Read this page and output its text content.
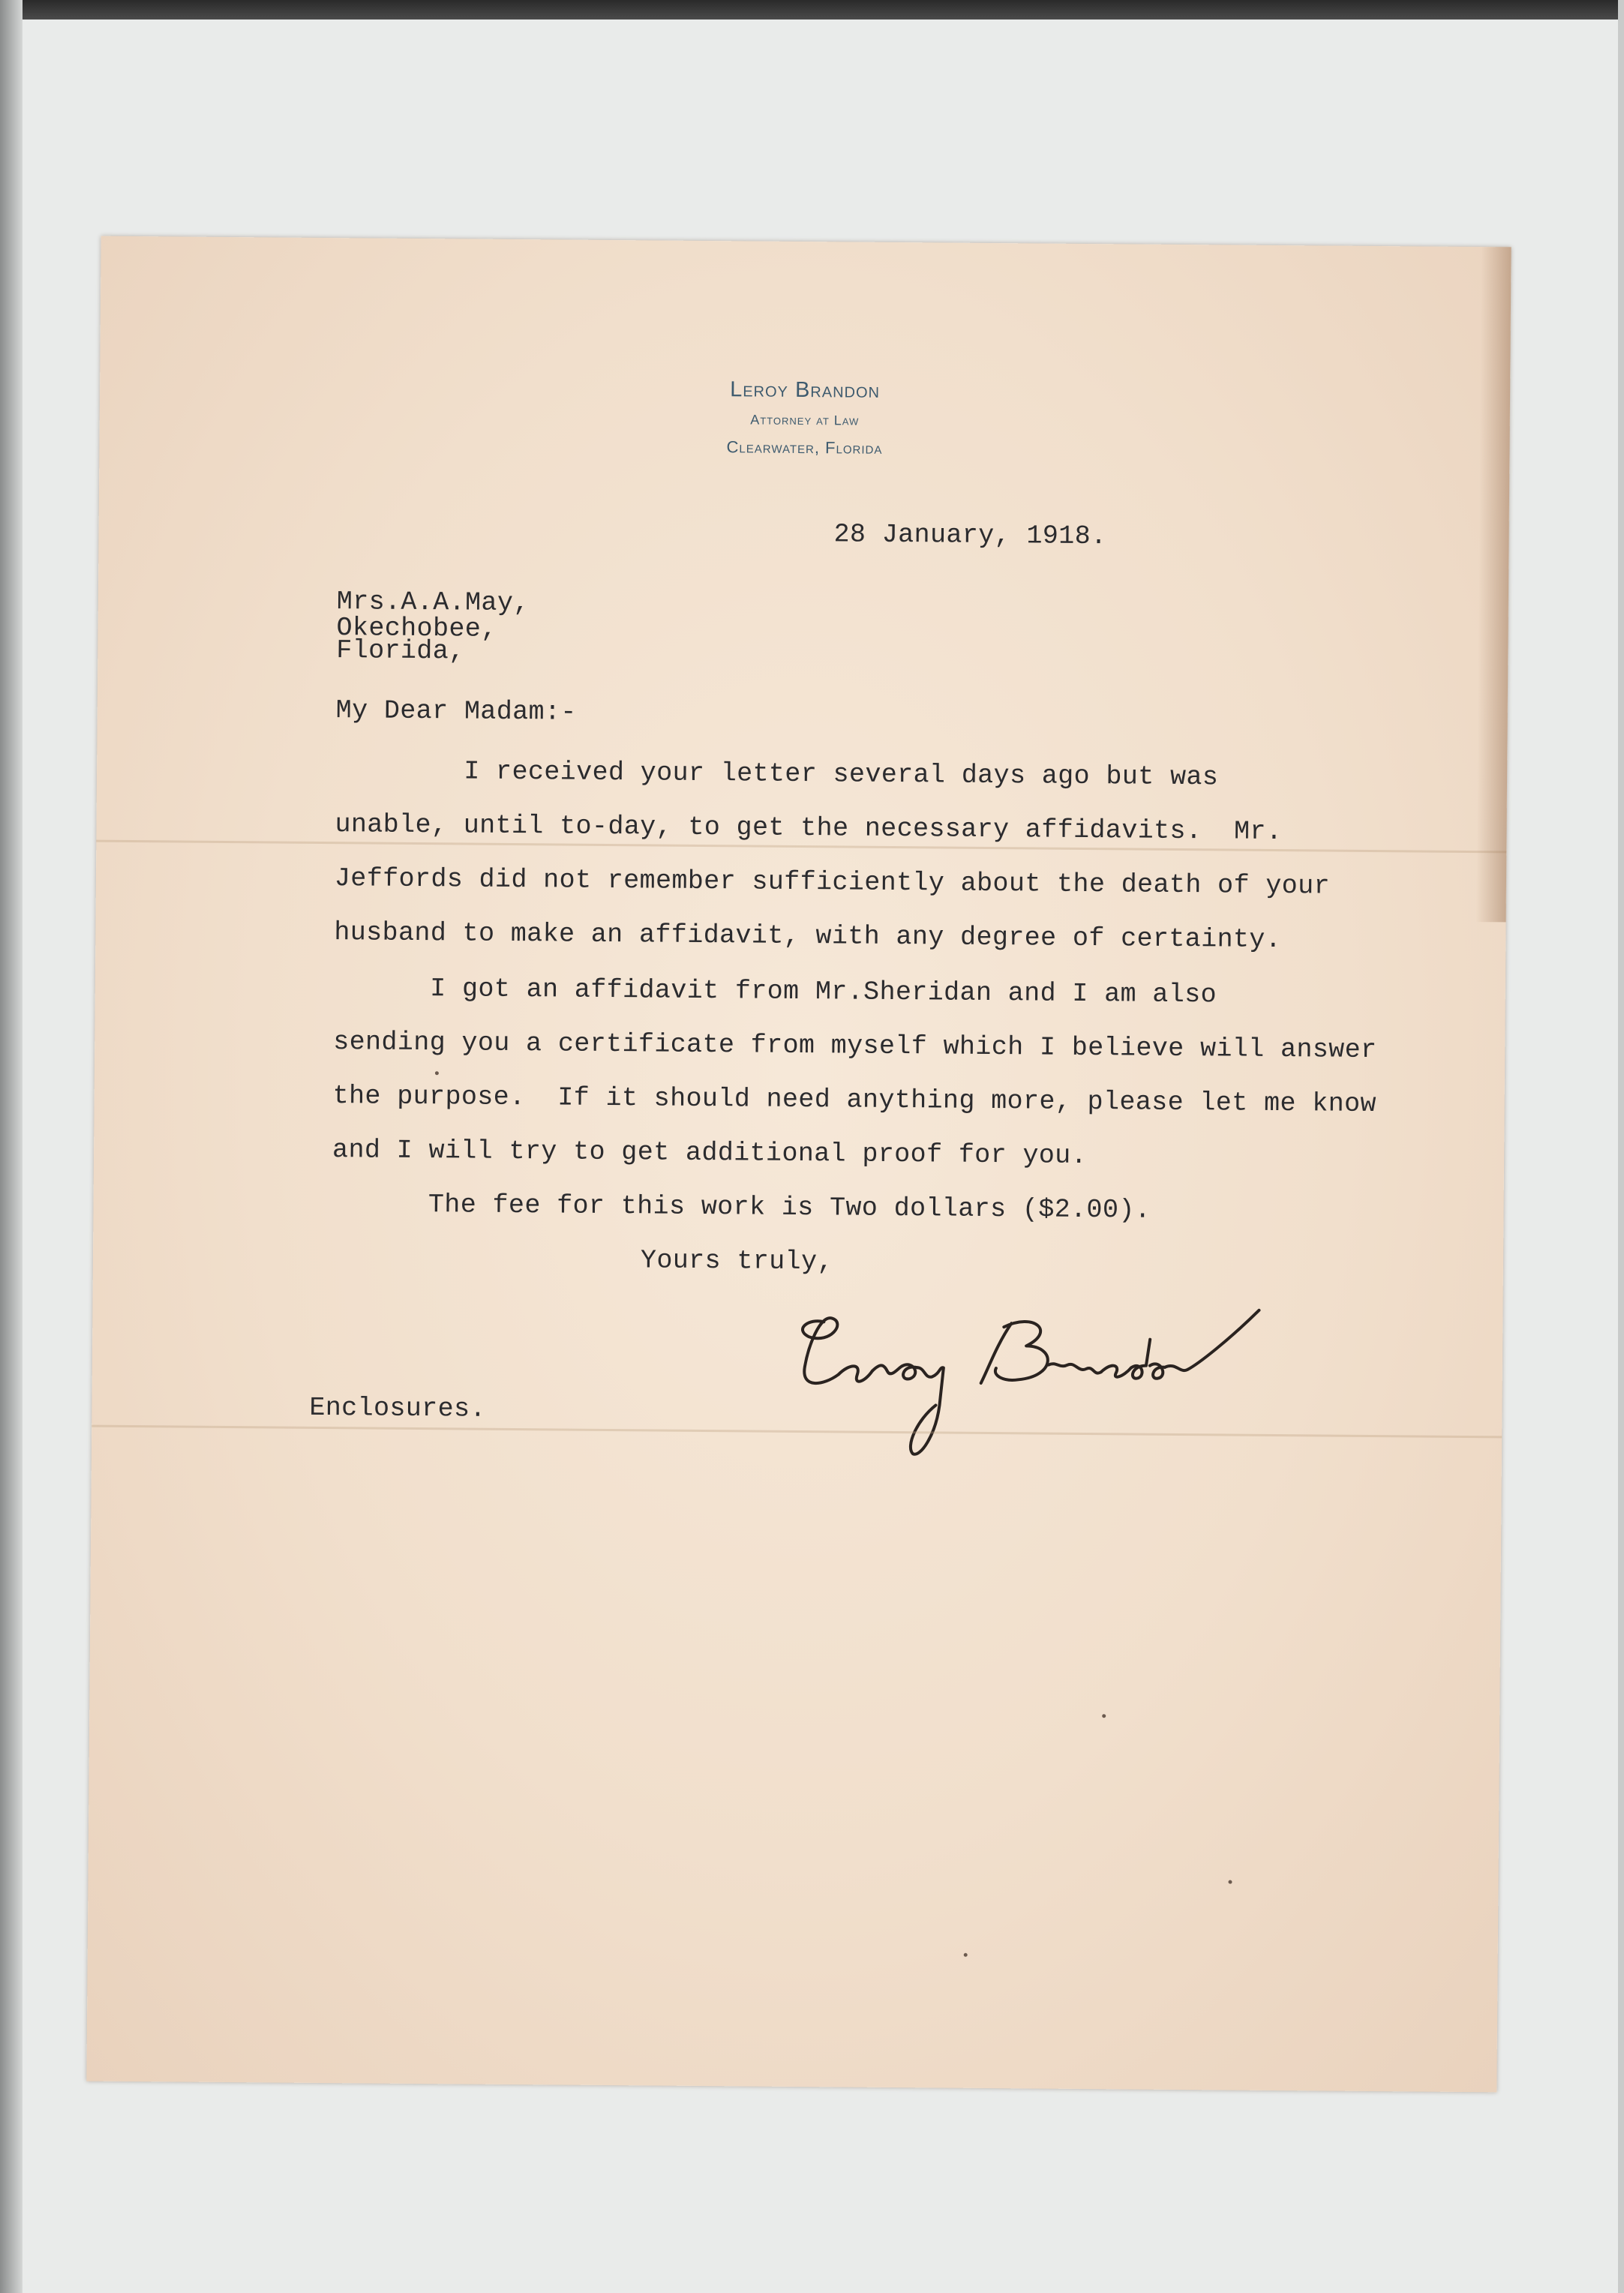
Leroy Brandon
Attorney at Law
Clearwater, Florida
28 January, 1918.
Mrs.A.A.May,
Okechobee,
Florida,
My Dear Madam:-
I received your letter several days ago but was
unable, until to-day, to get the necessary affidavits.  Mr.
Jeffords did not remember sufficiently about the death of your
husband to make an affidavit, with any degree of certainty.
I got an affidavit from Mr.Sheridan and I am also
sending you a certificate from myself which I believe will answer
the purpose.  If it should need anything more, please let me know
and I will try to get additional proof for you.
The fee for this work is Two dollars ($2.00).
Yours truly,
Enclosures.
